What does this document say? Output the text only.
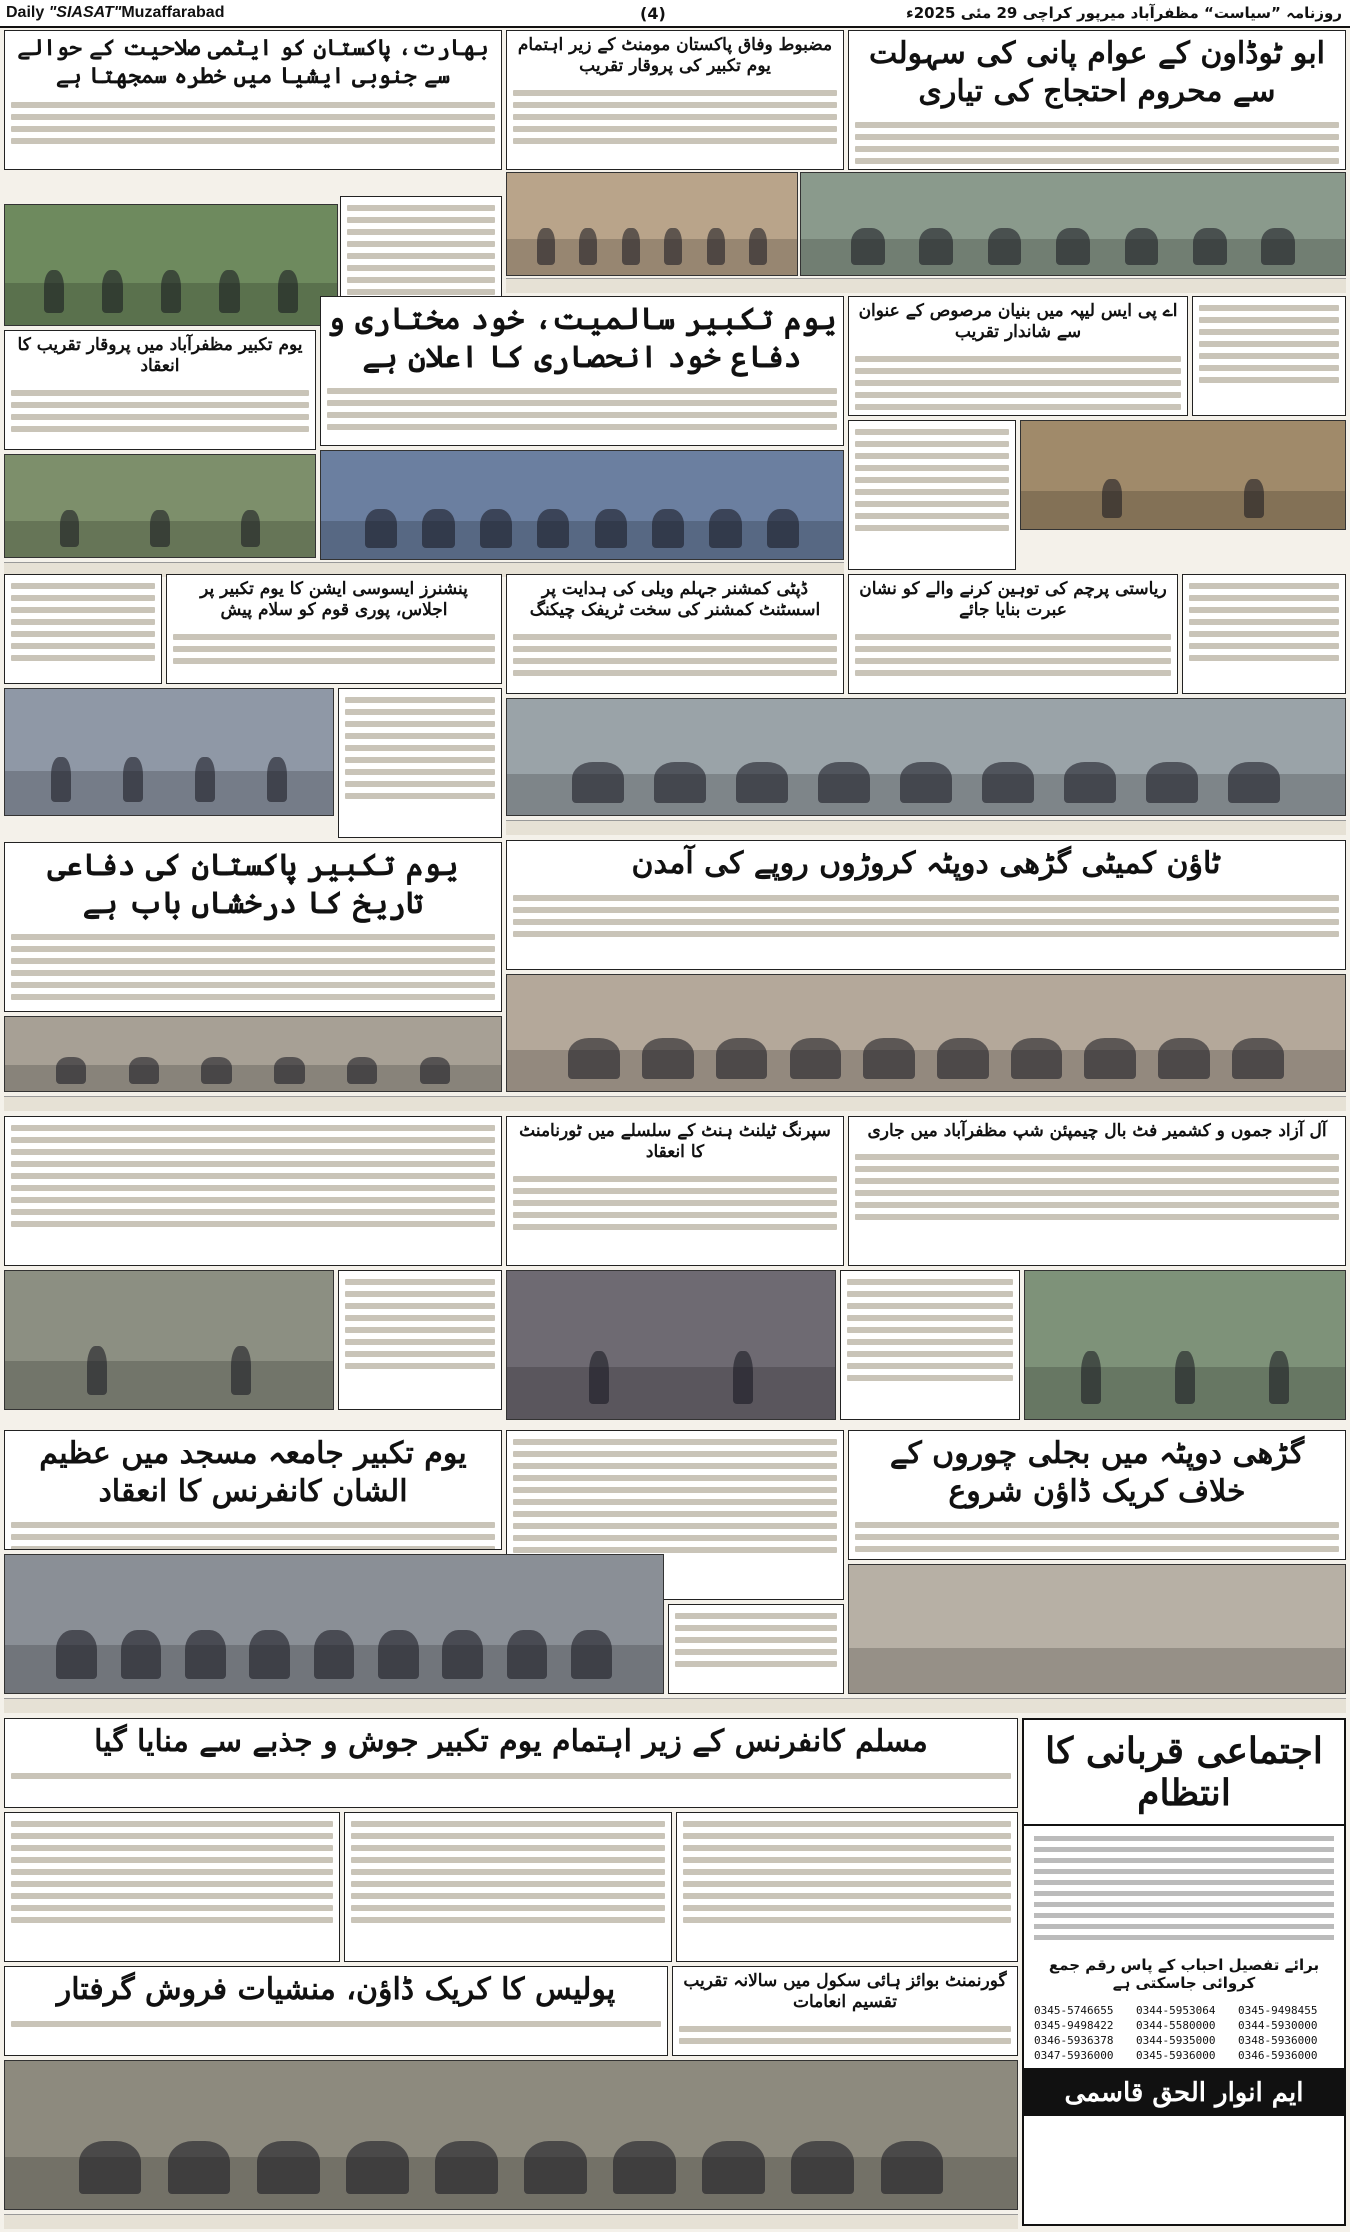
Daily "SIASAT"Muzaffarabad	(4)	روزنامہ ”سیاست“ مظفرآباد میرپور کراچی 29 مئی 2025ء
ابو ٹوڈاون کے عوام پانی کی سہولت سے محروم احتجاج کی تیاری
مضبوط وفاق پاکستان مومنٹ کے زیر اہتمام یوم تکبیر کی پروقار تقریب
بھارت، پاکستان کو ایٹمی صلاحیت کے حوالے سے جنوبی ایشیا میں خطرہ سمجھتا ہے
یوم تکبیر سالمیت، خود مختاری و دفاع خود انحصاری کا اعلان ہے
اے پی ایس لیپہ میں بنیان مرصوص کے عنوان سے شاندار تقریب
یوم تکبیر مظفرآباد میں پروقار تقریب کا انعقاد
ریاستی پرچم کی توہین کرنے والے کو نشان عبرت بنایا جائے
ڈپٹی کمشنر جہلم ویلی کی ہدایت پر اسسٹنٹ کمشنر کی سخت ٹریفک چیکنگ
پنشنرز ایسوسی ایشن کا یوم تکبیر پر اجلاس، پوری قوم کو سلام پیش
ٹاؤن کمیٹی گڑھی دوپٹہ کروڑوں روپے کی آمدن
یوم تکبیر پاکستان کی دفاعی تاریخ کا درخشاں باب ہے
آل آزاد جموں و کشمیر فٹ بال چیمپئن شپ مظفرآباد میں جاری
سپرنگ ٹیلنٹ ہنٹ کے سلسلے میں ٹورنامنٹ کا انعقاد
یوم تکبیر جامعہ مسجد میں عظیم الشان کانفرنس کا انعقاد
گڑھی دوپٹہ میں بجلی چوروں کے خلاف کریک ڈاؤن شروع
مسلم کانفرنس کے زیر اہتمام یوم تکبیر جوش و جذبے سے منایا گیا
پولیس کا کریک ڈاؤن، منشیات فروش گرفتار	گورنمنٹ بوائز ہائی سکول میں سالانہ تقریب تقسیم انعامات
اجتماعی قربانی کا انتظام
برائے تفصیل احباب کے پاس رقم جمع کروائی جاسکتی ہے
0345-5746655	0344-5953064	0345-9498455
0345-9498422	0344-5580000	0344-5930000
0346-5936378	0344-5935000	0348-5936000
0347-5936000	0345-5936000	0346-5936000
ایم انوار الحق قاسمی
